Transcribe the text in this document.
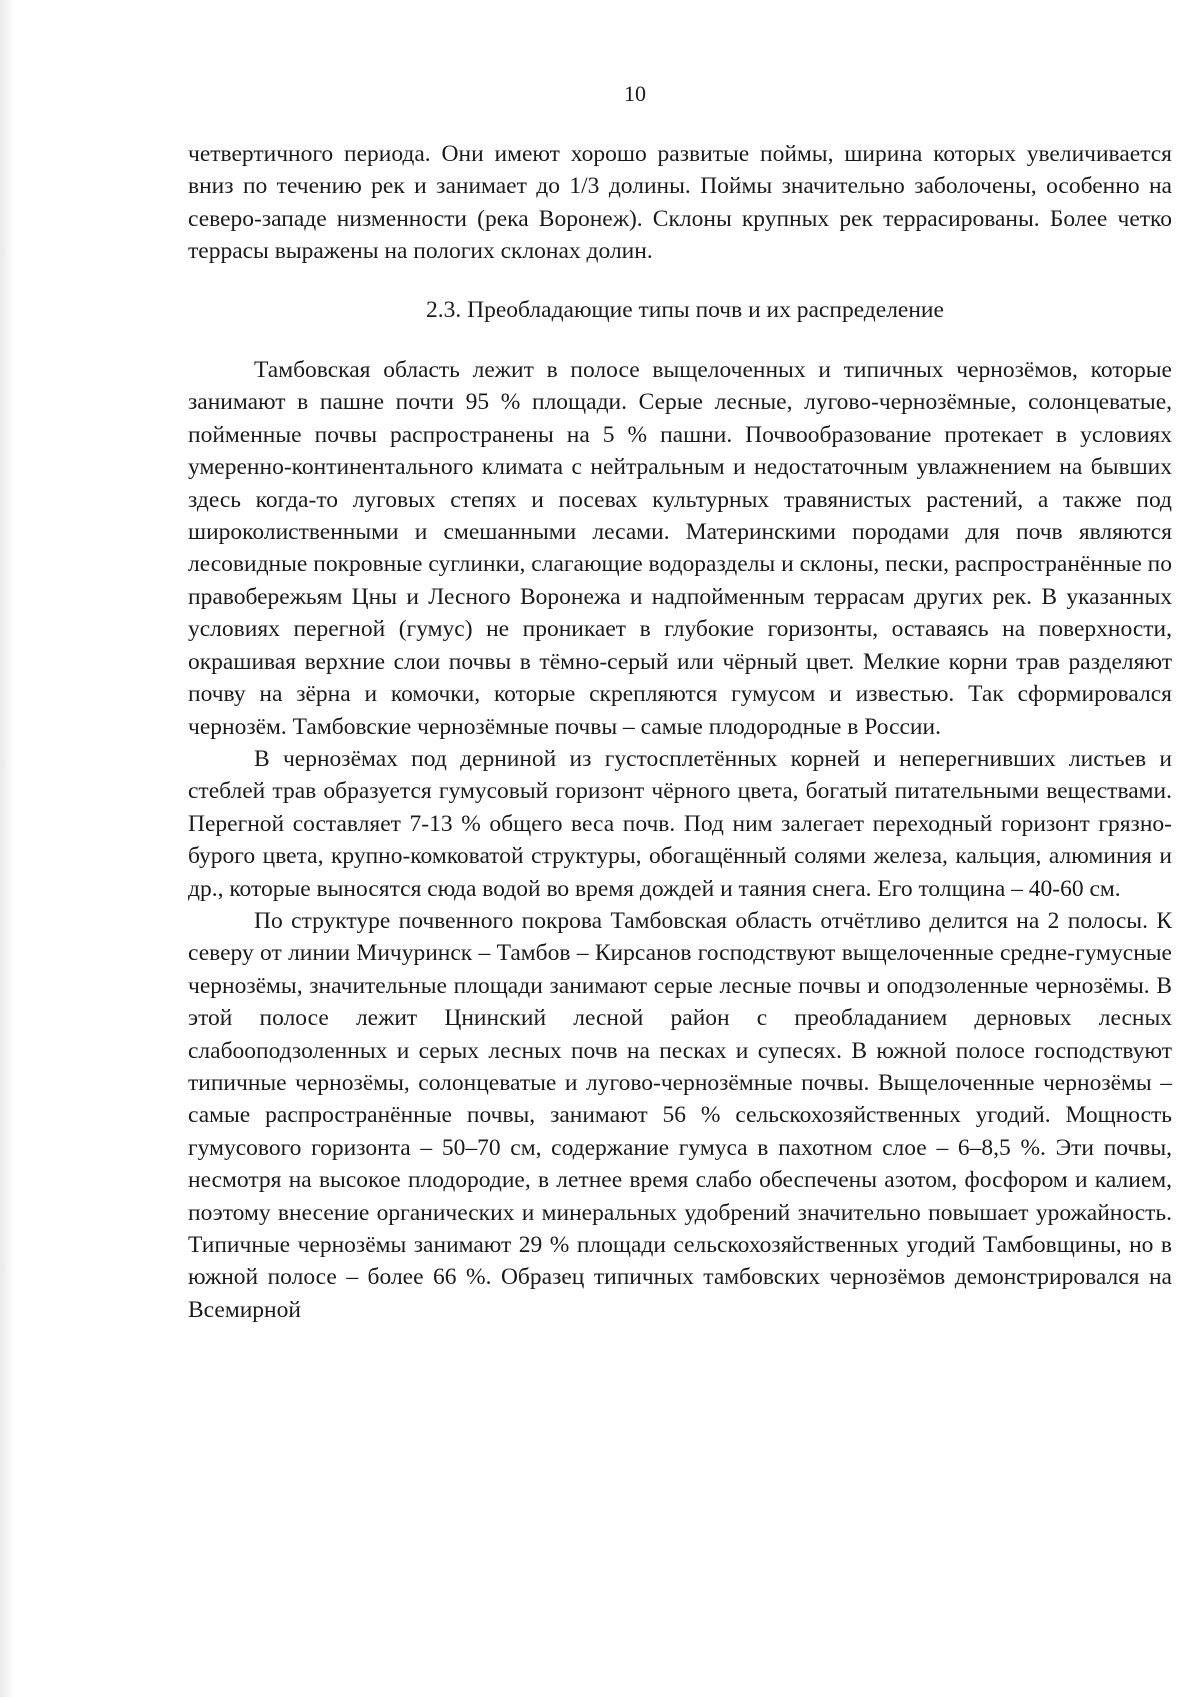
10

четвертичного периода. Они имеют хорошо развитые поймы, ширина которых увеличивается вниз по течению рек и занимает до 1/3 долины. Поймы значительно заболочены, особенно на северо-западе низменности (река Воронеж). Склоны крупных рек террасированы. Более четко террасы выражены на пологих склонах долин.

2.3. Преобладающие типы почв и их распределение

Тамбовская область лежит в полосе выщелоченных и типичных чернозёмов, которые занимают в пашне почти 95 % площади. Серые лесные, лугово-чернозёмные, солонцеватые, пойменные почвы распространены на 5 % пашни. Почвообразование протекает в условиях умеренно-континентального климата с нейтральным и недостаточным увлажнением на бывших здесь когда-то луговых степях и посевах культурных травянистых растений, а также под широколиственными и смешанными лесами. Материнскими породами для почв являются лесовидные покровные суглинки, слагающие водоразделы и склоны, пески, распространённые по правобережьям Цны и Лесного Воронежа и надпойменным террасам других рек. В указанных условиях перегной (гумус) не проникает в глубокие горизонты, оставаясь на поверхности, окрашивая верхние слои почвы в тёмно-серый или чёрный цвет. Мелкие корни трав разделяют почву на зёрна и комочки, которые скрепляются гумусом и известью. Так сформировался чернозём. Тамбовские чернозёмные почвы – самые плодородные в России.

В чернозёмах под дерниной из густосплетённых корней и неперегнивших листьев и стеблей трав образуется гумусовый горизонт чёрного цвета, богатый питательными веществами. Перегной составляет 7-13 % общего веса почв. Под ним залегает переходный горизонт грязно-бурого цвета, крупно-комковатой структуры, обогащённый солями железа, кальция, алюминия и др., которые выносятся сюда водой во время дождей и таяния снега. Его толщина – 40-60 см.

По структуре почвенного покрова Тамбовская область отчётливо делится на 2 полосы. К северу от линии Мичуринск – Тамбов – Кирсанов господствуют выщелоченные средне-гумусные чернозёмы, значительные площади занимают серые лесные почвы и оподзоленные чернозёмы. В этой полосе лежит Цнинский лесной район с преобладанием дерновых лесных слабооподзоленных и серых лесных почв на песках и супесях. В южной полосе господствуют типичные чернозёмы, солонцеватые и лугово-чернозёмные почвы. Выщелоченные чернозёмы – самые распространённые почвы, занимают 56 % сельскохозяйственных угодий. Мощность гумусового горизонта – 50–70 см, содержание гумуса в пахотном слое – 6–8,5 %. Эти почвы, несмотря на высокое плодородие, в летнее время слабо обеспечены азотом, фосфором и калием, поэтому внесение органических и минеральных удобрений значительно повышает урожайность. Типичные чернозёмы занимают 29 % площади сельскохозяйственных угодий Тамбовщины, но в южной полосе – более 66 %. Образец типичных тамбовских чернозёмов демонстрировался на Всемирной
